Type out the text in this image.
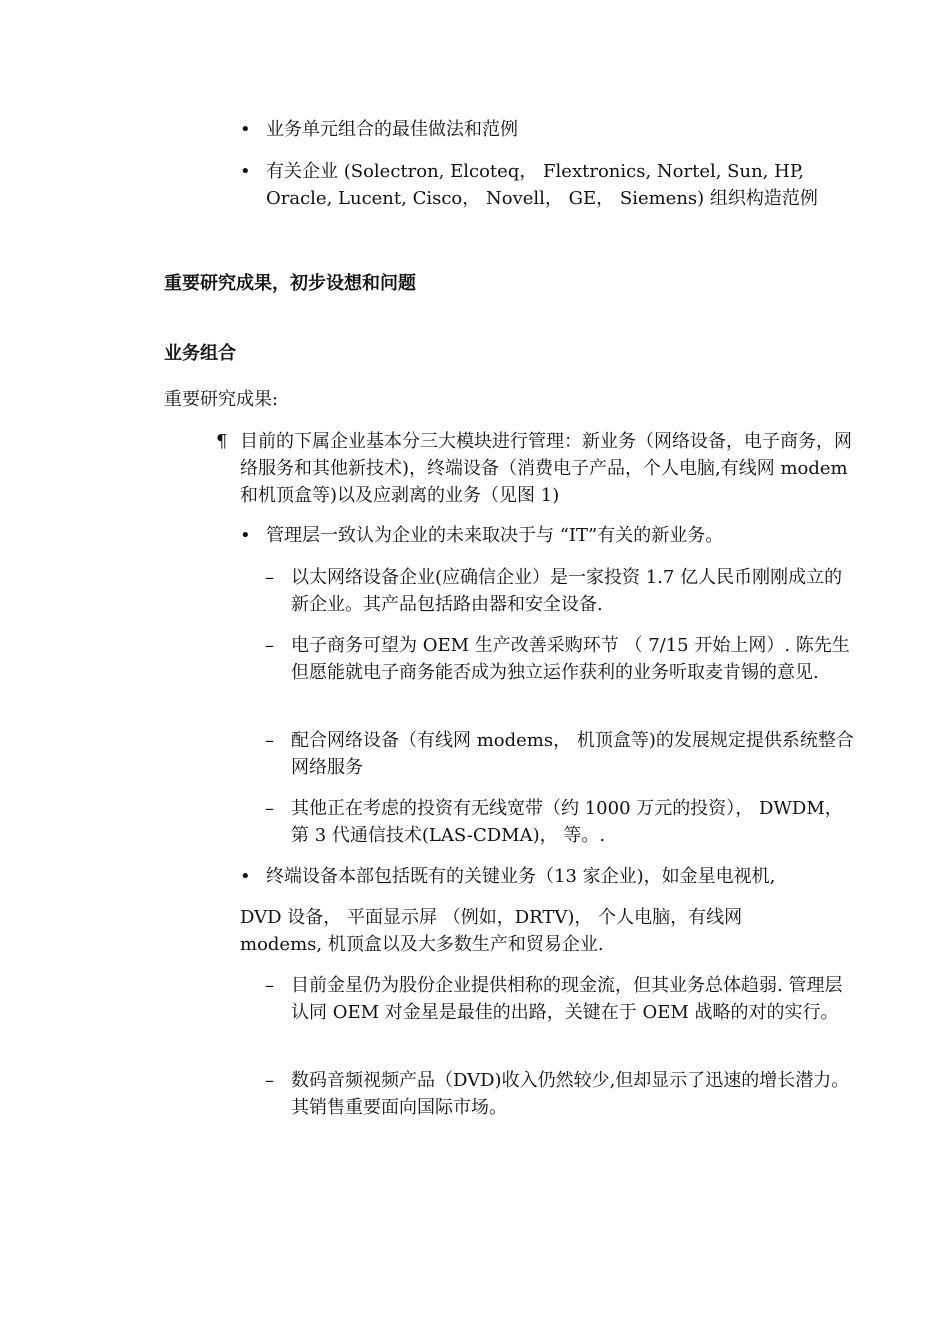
• 业务单元组合的最佳做法和范例

• 有关企业 (Solectron, Elcoteq， Flextronics, Nortel, Sun, HP, Oracle, Lucent, Cisco， Novell， GE， Siemens) 组织构造范例

重要研究成果，初步设想和问题
业务组合
重要研究成果:
¶ 目前的下属企业基本分三大模块进行管理：新业务（网络设备，电子商务，网络服务和其他新技术)，终端设备（消费电子产品，个人电脑,有线网 modem 和机顶盒等)以及应剥离的业务（见图 1)

• 管理层一致认为企业的未来取决于与 “IT”有关的新业务。

– 以太网络设备企业(应确信企业）是一家投资 1.7 亿人民币刚刚成立的新企业。其产品包括路由器和安全设备.

– 电子商务可望为 OEM 生产改善采购环节 （ 7/15 开始上网）. 陈先生但愿能就电子商务能否成为独立运作获利的业务听取麦肯锡的意见.

– 配合网络设备（有线网 modems， 机顶盒等)的发展规定提供系统整合网络服务

– 其他正在考虑的投资有无线宽带（约 1000 万元的投资）， DWDM，第 3 代通信技术(LAS-CDMA)， 等。.

• 终端设备本部包括既有的关键业务（13 家企业)，如金星电视机,

DVD 设备， 平面显示屏 （例如，DRTV)， 个人电脑，有线网 modems, 机顶盒以及大多数生产和贸易企业.
– 目前金星仍为股份企业提供相称的现金流，但其业务总体趋弱. 管理层认同 OEM 对金星是最佳的出路，关键在于 OEM 战略的对的实行。

– 数码音频视频产品（DVD)收入仍然较少,但却显示了迅速的增长潜力。其销售重要面向国际市场。
